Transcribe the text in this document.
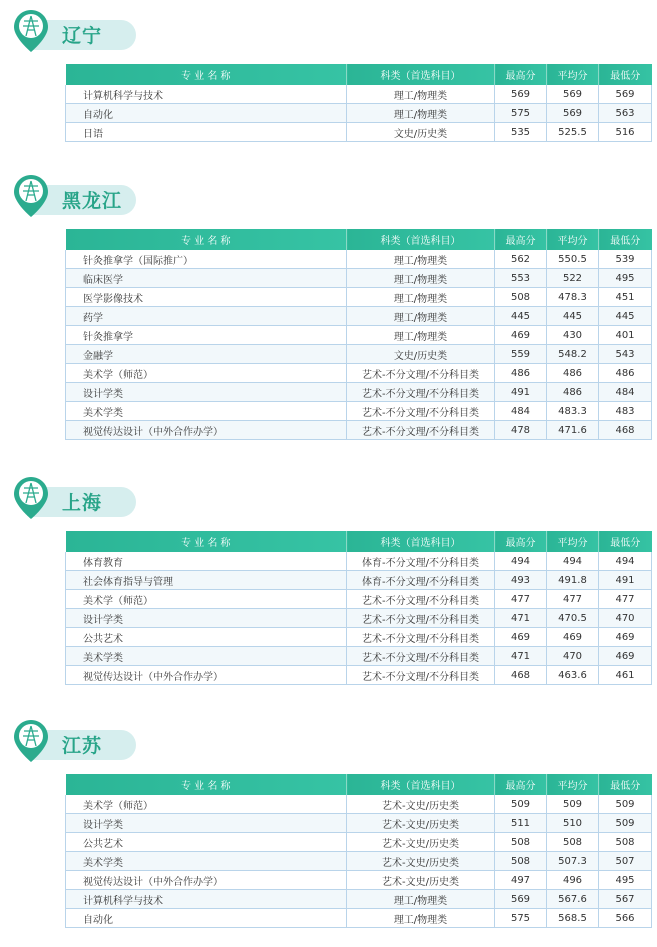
辽宁
专 业 名 称	科类（首选科目）	最高分	平均分	最低分
计算机科学与技术	理工/物理类	569	569	569
自动化	理工/物理类	575	569	563
日语	文史/历史类	535	525.5	516
黑龙江
专 业 名 称	科类（首选科目）	最高分	平均分	最低分
针灸推拿学（国际推广）	理工/物理类	562	550.5	539
临床医学	理工/物理类	553	522	495
医学影像技术	理工/物理类	508	478.3	451
药学	理工/物理类	445	445	445
针灸推拿学	理工/物理类	469	430	401
金融学	文史/历史类	559	548.2	543
美术学（师范）	艺术-不分文理/不分科目类	486	486	486
设计学类	艺术-不分文理/不分科目类	491	486	484
美术学类	艺术-不分文理/不分科目类	484	483.3	483
视觉传达设计（中外合作办学）	艺术-不分文理/不分科目类	478	471.6	468
上海
专 业 名 称	科类（首选科目）	最高分	平均分	最低分
体育教育	体育-不分文理/不分科目类	494	494	494
社会体育指导与管理	体育-不分文理/不分科目类	493	491.8	491
美术学（师范）	艺术-不分文理/不分科目类	477	477	477
设计学类	艺术-不分文理/不分科目类	471	470.5	470
公共艺术	艺术-不分文理/不分科目类	469	469	469
美术学类	艺术-不分文理/不分科目类	471	470	469
视觉传达设计（中外合作办学）	艺术-不分文理/不分科目类	468	463.6	461
江苏
专 业 名 称	科类（首选科目）	最高分	平均分	最低分
美术学（师范）	艺术-文史/历史类	509	509	509
设计学类	艺术-文史/历史类	511	510	509
公共艺术	艺术-文史/历史类	508	508	508
美术学类	艺术-文史/历史类	508	507.3	507
视觉传达设计（中外合作办学）	艺术-文史/历史类	497	496	495
计算机科学与技术	理工/物理类	569	567.6	567
自动化	理工/物理类	575	568.5	566
